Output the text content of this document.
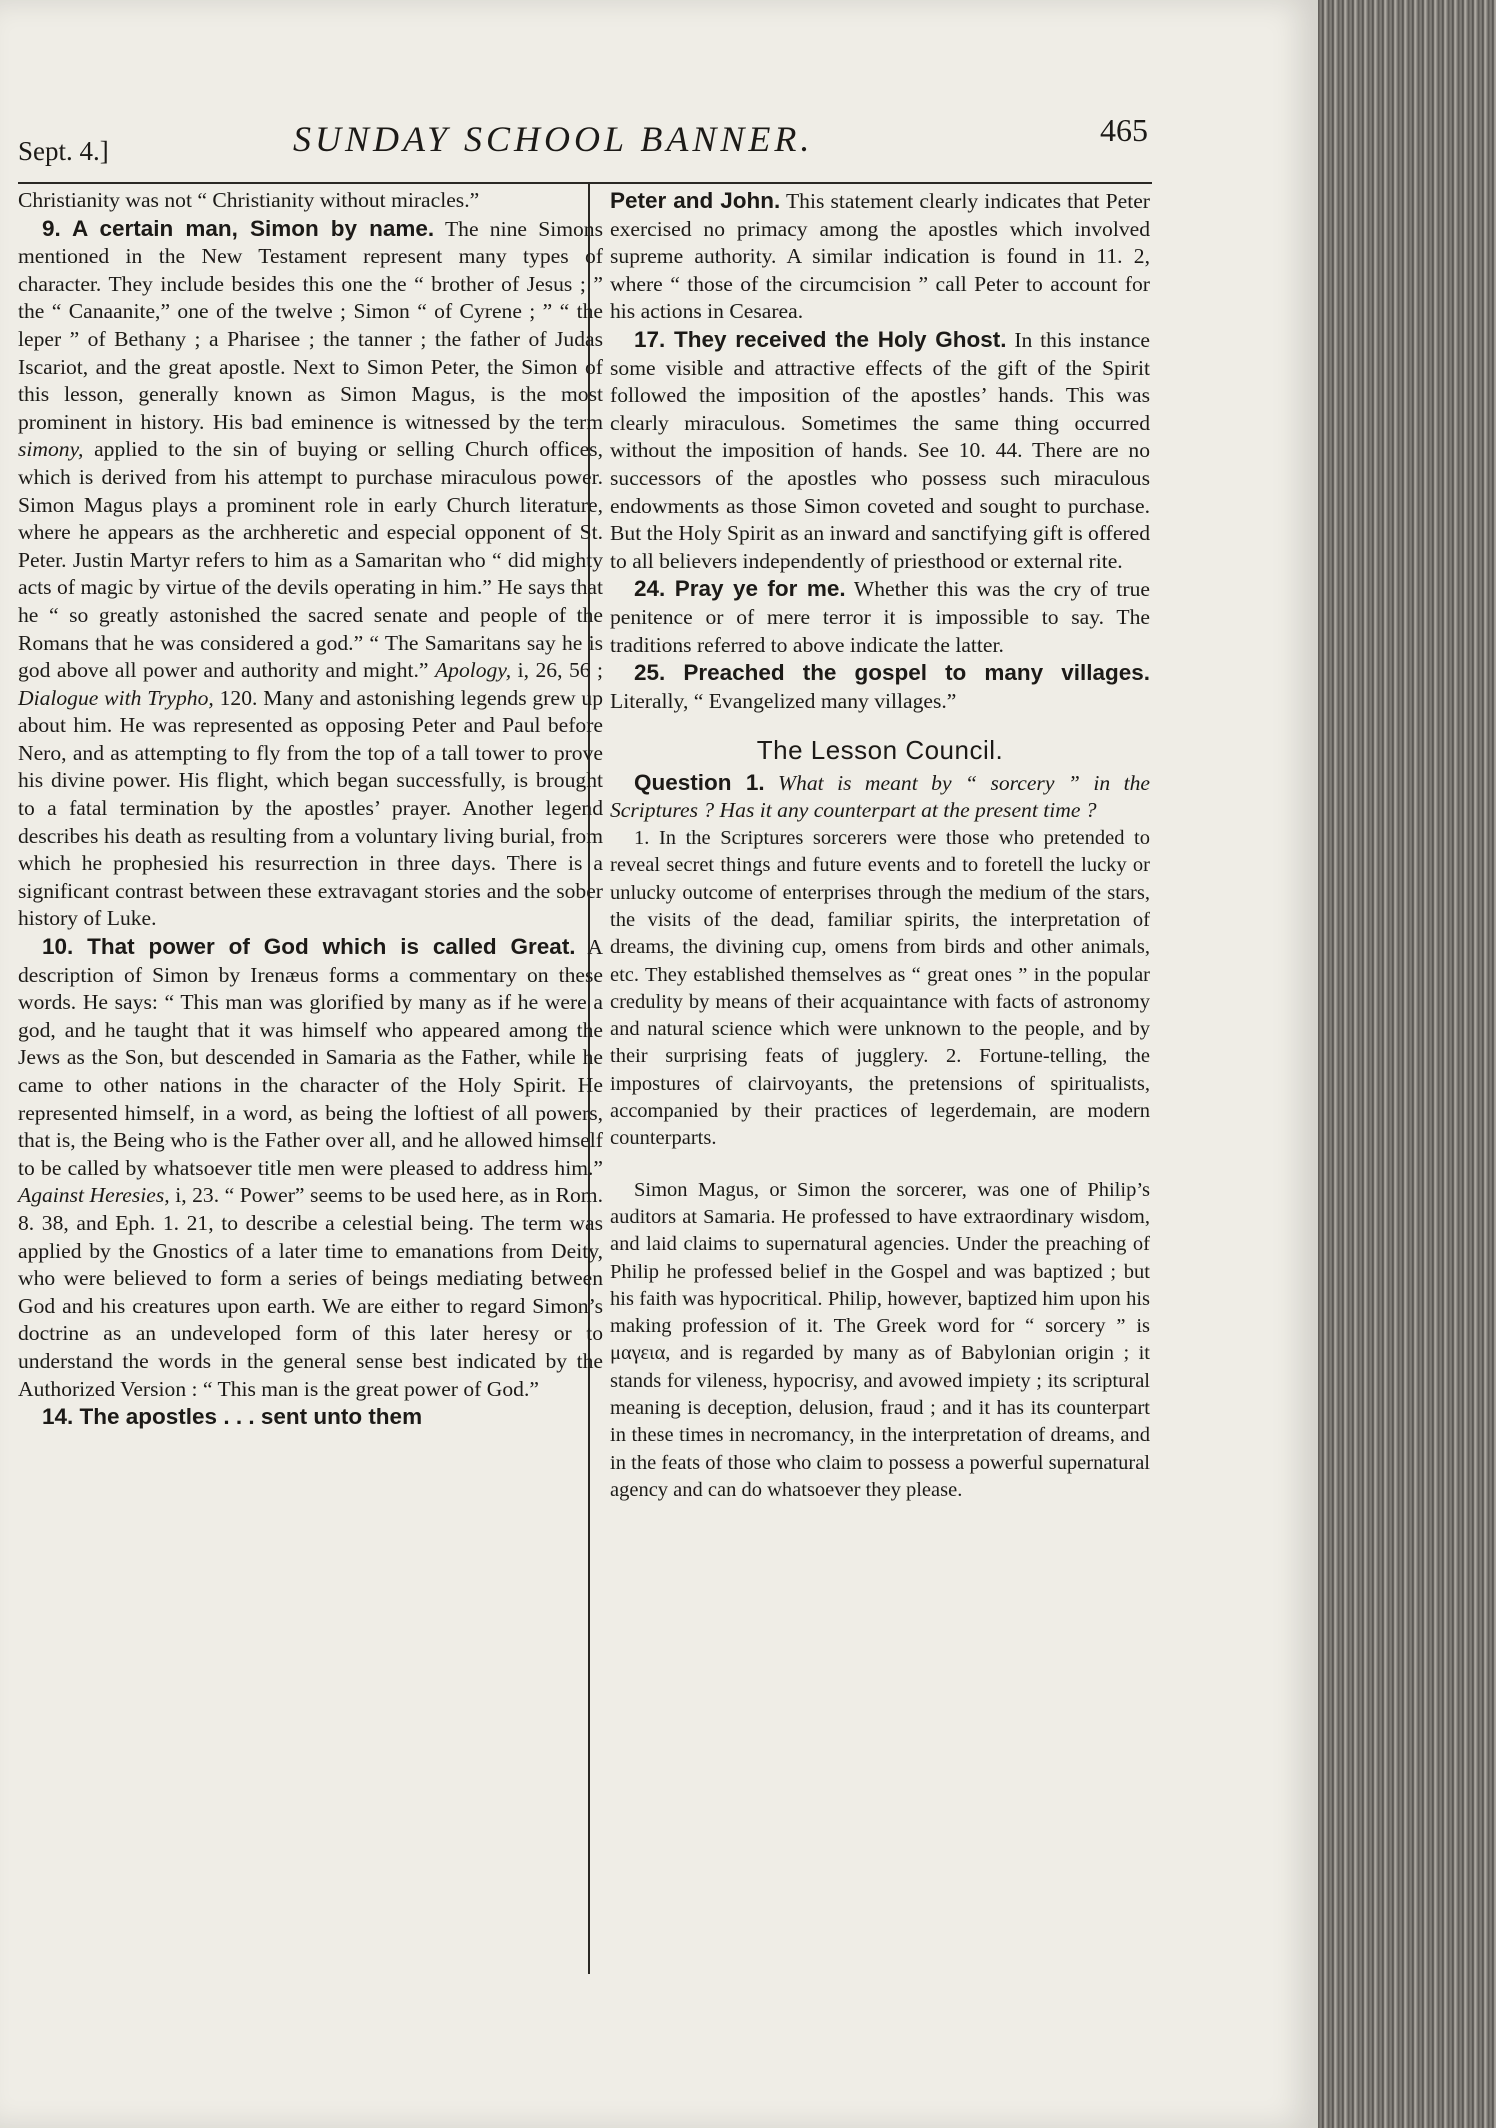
Sept. 4.]	SUNDAY SCHOOL BANNER.	465

Christianity was not “ Christianity without miracles.”

9. A certain man, Simon by name. The nine Simons mentioned in the New Testament represent many types of character. They include besides this one the “ brother of Jesus ; ” the “ Canaanite,” one of the twelve ; Simon “ of Cyrene ; ” “ the leper ” of Bethany ; a Pharisee ; the tanner ; the father of Judas Iscariot, and the great apostle. Next to Simon Peter, the Simon of this lesson, generally known as Simon Magus, is the most prominent in history. His bad eminence is witnessed by the term simony, applied to the sin of buying or selling Church offices, which is derived from his attempt to purchase miraculous power. Simon Magus plays a prominent role in early Church literature, where he appears as the archheretic and especial opponent of St. Peter. Justin Martyr refers to him as a Samaritan who “ did mighty acts of magic by virtue of the devils operating in him.” He says that he “ so greatly astonished the sacred senate and people of the Romans that he was considered a god.” “ The Samaritans say he is god above all power and authority and might.” Apology, i, 26, 56 ; Dialogue with Trypho, 120. Many and astonishing legends grew up about him. He was represented as opposing Peter and Paul before Nero, and as attempting to fly from the top of a tall tower to prove his divine power. His flight, which began successfully, is brought to a fatal termination by the apostles’ prayer. Another legend describes his death as resulting from a voluntary living burial, from which he prophesied his resurrection in three days. There is a significant contrast between these extravagant stories and the sober history of Luke.

10. That power of God which is called Great. A description of Simon by Irenæus forms a commentary on these words. He says: “ This man was glorified by many as if he were a god, and he taught that it was himself who appeared among the Jews as the Son, but descended in Samaria as the Father, while he came to other nations in the character of the Holy Spirit. He represented himself, in a word, as being the loftiest of all powers, that is, the Being who is the Father over all, and he allowed himself to be called by whatsoever title men were pleased to address him.” Against Heresies, i, 23. “ Power” seems to be used here, as in Rom. 8. 38, and Eph. 1. 21, to describe a celestial being. The term was applied by the Gnostics of a later time to emanations from Deity, who were believed to form a series of beings mediating between God and his creatures upon earth. We are either to regard Simon’s doctrine as an undeveloped form of this later heresy or to understand the words in the general sense best indicated by the Authorized Version : “ This man is the great power of God.”

14. The apostles . . . sent unto them

Peter and John. This statement clearly indicates that Peter exercised no primacy among the apostles which involved supreme authority. A similar indication is found in 11. 2, where “ those of the circumcision ” call Peter to account for his actions in Cesarea.

17. They received the Holy Ghost. In this instance some visible and attractive effects of the gift of the Spirit followed the imposition of the apostles’ hands. This was clearly miraculous. Sometimes the same thing occurred without the imposition of hands. See 10. 44. There are no successors of the apostles who possess such miraculous endowments as those Simon coveted and sought to purchase. But the Holy Spirit as an inward and sanctifying gift is offered to all believers independently of priesthood or external rite.

24. Pray ye for me. Whether this was the cry of true penitence or of mere terror it is impossible to say. The traditions referred to above indicate the latter.

25. Preached the gospel to many villages. Literally, “ Evangelized many villages.”

The Lesson Council.

Question 1. What is meant by “ sorcery ” in the Scriptures ? Has it any counterpart at the present time ?

1. In the Scriptures sorcerers were those who pretended to reveal secret things and future events and to foretell the lucky or unlucky outcome of enterprises through the medium of the stars, the visits of the dead, familiar spirits, the interpretation of dreams, the divining cup, omens from birds and other animals, etc. They established themselves as “ great ones ” in the popular credulity by means of their acquaintance with facts of astronomy and natural science which were unknown to the people, and by their surprising feats of jugglery. 2. Fortune-telling, the impostures of clairvoyants, the pretensions of spiritualists, accompanied by their practices of legerdemain, are modern counterparts.

Simon Magus, or Simon the sorcerer, was one of Philip’s auditors at Samaria. He professed to have extraordinary wisdom, and laid claims to supernatural agencies. Under the preaching of Philip he professed belief in the Gospel and was baptized ; but his faith was hypocritical. Philip, however, baptized him upon his making profession of it. The Greek word for “ sorcery ” is μαγεια, and is regarded by many as of Babylonian origin ; it stands for vileness, hypocrisy, and avowed impiety ; its scriptural meaning is deception, delusion, fraud ; and it has its counterpart in these times in necromancy, in the interpretation of dreams, and in the feats of those who claim to possess a powerful supernatural agency and can do whatsoever they please.
